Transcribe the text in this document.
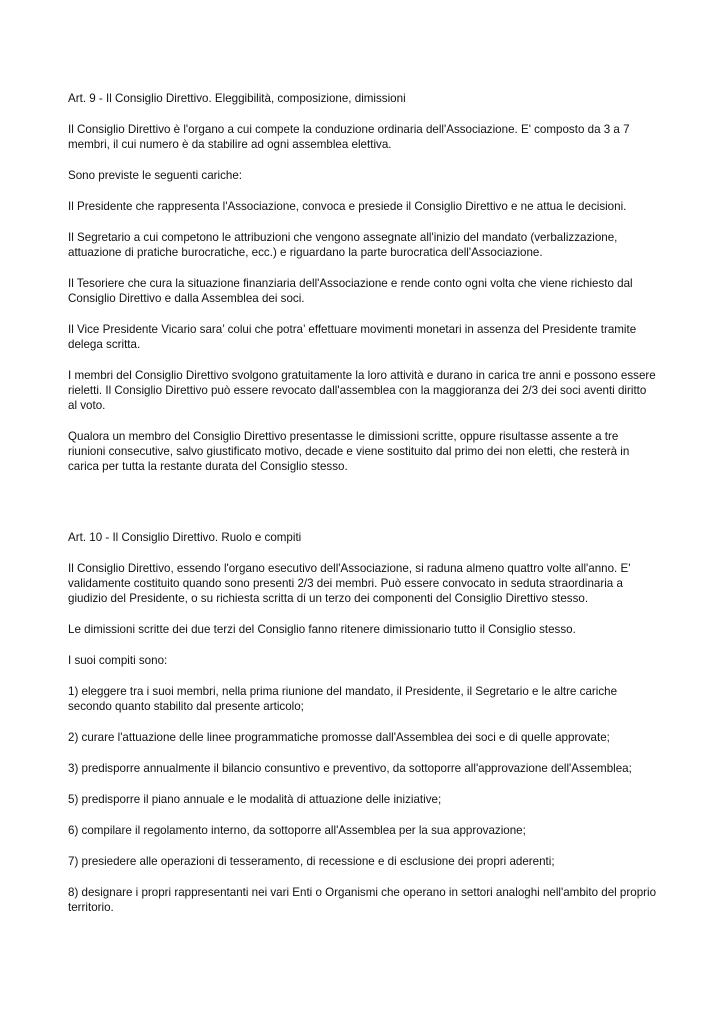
Art. 9 - Il Consiglio Direttivo. Eleggibilità, composizione, dimissioni

Il Consiglio Direttivo è l'organo a cui compete la conduzione ordinaria dell'Associazione. E' composto da 3 a 7 membri, il cui numero è da stabilire ad ogni assemblea elettiva.

Sono previste le seguenti cariche:

Il Presidente che rappresenta l'Associazione, convoca e presiede il Consiglio Direttivo e ne attua le decisioni.

Il Segretario a cui competono le attribuzioni che vengono assegnate all'inizio del mandato (verbalizzazione, attuazione di pratiche burocratiche, ecc.) e riguardano la parte burocratica dell'Associazione.

Il Tesoriere che cura la situazione finanziaria dell'Associazione e rende conto ogni volta che viene richiesto dal Consiglio Direttivo e dalla Assemblea dei soci.

Il Vice Presidente Vicario sara’ colui che potra’ effettuare movimenti monetari in assenza del Presidente tramite delega scritta.

I membri del Consiglio Direttivo svolgono gratuitamente la loro attività e durano in carica tre anni e possono essere rieletti. Il Consiglio Direttivo può essere revocato dall'assemblea con la maggioranza dei 2/3 dei soci aventi diritto al voto.

Qualora un membro del Consiglio Direttivo presentasse le dimissioni scritte, oppure risultasse assente a tre riunioni consecutive, salvo giustificato motivo, decade e viene sostituito dal primo dei non eletti, che resterà in carica per tutta la restante durata del Consiglio stesso.

Art. 10 - Il Consiglio Direttivo. Ruolo e compiti

Il Consiglio Direttivo, essendo l'organo esecutivo dell'Associazione, si raduna almeno quattro volte all'anno. E' validamente costituito quando sono presenti 2/3 dei membri. Può essere convocato in seduta straordinaria a giudizio del Presidente, o su richiesta scritta di un terzo dei componenti del Consiglio Direttivo stesso.

Le dimissioni scritte dei due terzi del Consiglio fanno ritenere dimissionario tutto il Consiglio stesso.

I suoi compiti sono:

1) eleggere tra i suoi membri, nella prima riunione del mandato, il Presidente, il Segretario e le altre cariche secondo quanto stabilito dal presente articolo;

2) curare l'attuazione delle linee programmatiche promosse dall'Assemblea dei soci e di quelle approvate;

3) predisporre annualmente il bilancio consuntivo e preventivo, da sottoporre all'approvazione dell'Assemblea;

5) predisporre il piano annuale e le modalità di attuazione delle iniziative;

6) compilare il regolamento interno, da sottoporre all'Assemblea per la sua approvazione;

7) presiedere alle operazioni di tesseramento, di recessione e di esclusione dei propri aderenti;

8) designare i propri rappresentanti nei vari Enti o Organismi che operano in settori analoghi nell'ambito del proprio territorio.
